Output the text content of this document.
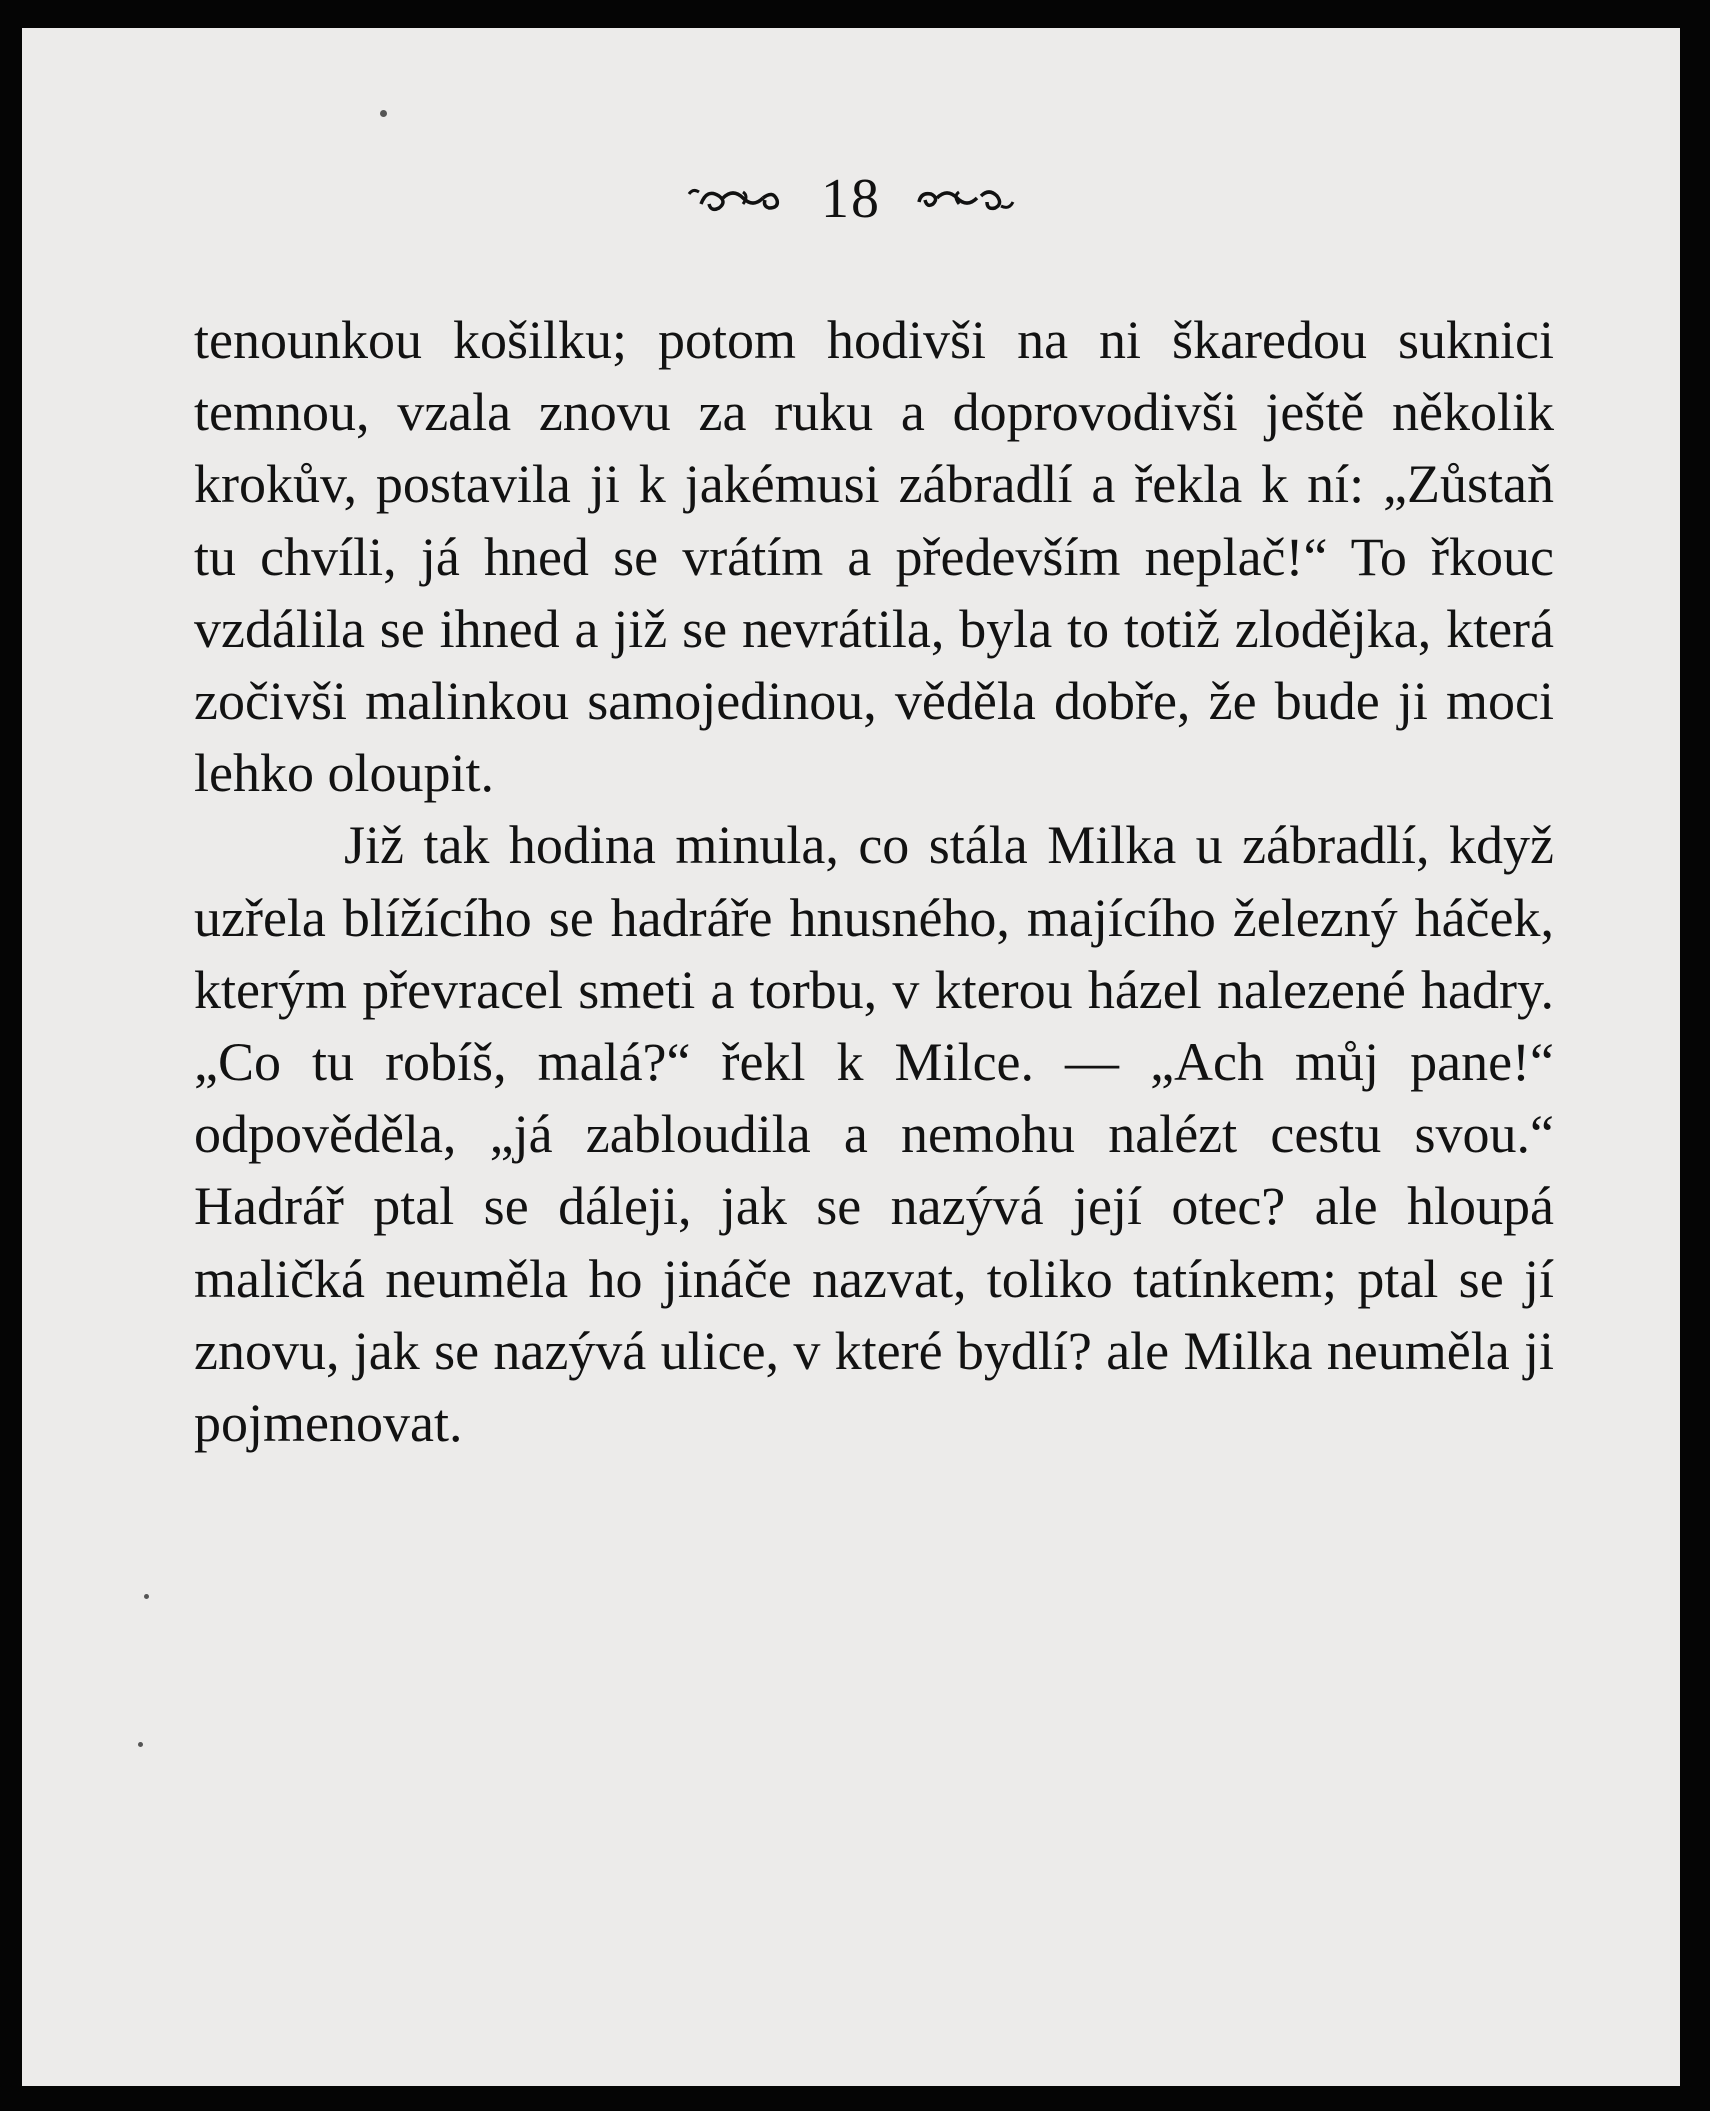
18

tenounkou košilku; potom hodivši na ni škaredou suknici temnou, vzala znovu za ruku a doprovodivši ještě několik krokův, postavila ji k jakémusi zábradlí a řekla k ní: „Zůstaň tu chvíli, já hned se vrátím a především neplač!“ To řkouc vzdálila se ihned a již se nevrátila, byla to totiž zlodějka, která zočivši malinkou samojedinou, věděla dobře, že bude ji moci lehko oloupit.

Již tak hodina minula, co stála Milka u zábradlí, když uzřela blížícího se hadráře hnusného, majícího železný háček, kterým převracel smeti a torbu, v kterou házel nalezené hadry. „Co tu robíš, malá?“ řekl k Milce. — „Ach můj pane!“ odpověděla, „já zabloudila a nemohu nalézt cestu svou.“ Hadrář ptal se dáleji, jak se nazývá její otec? ale hloupá maličká neuměla ho jináče nazvat, toliko tatínkem; ptal se jí znovu, jak se nazývá ulice, v které bydlí? ale Milka neuměla ji pojmenovat.
